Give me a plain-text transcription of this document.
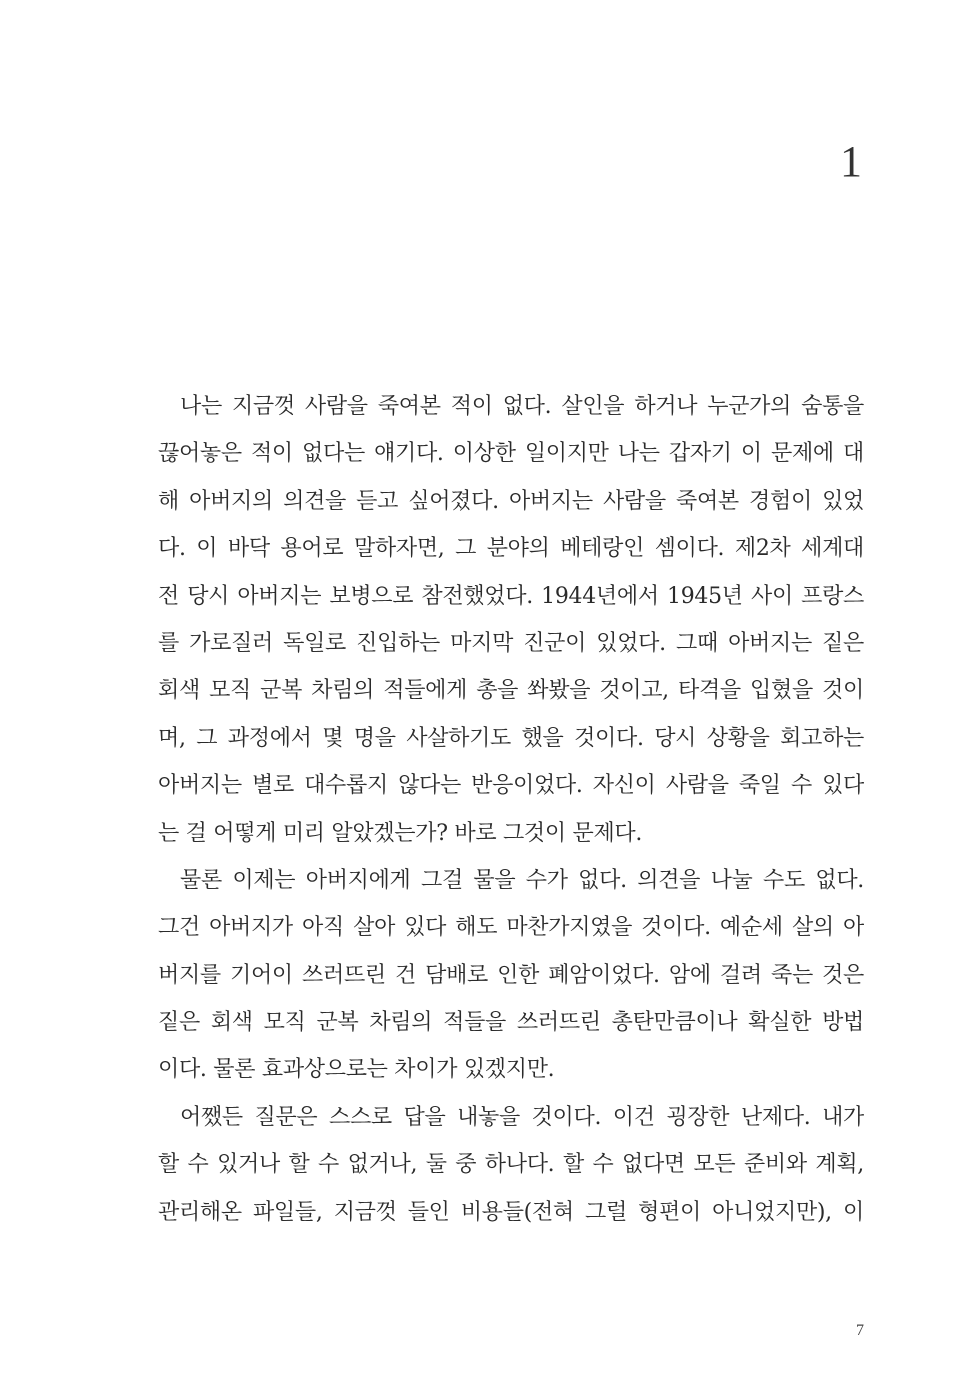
1
나는 지금껏 사람을 죽여본 적이 없다. 살인을 하거나 누군가의 숨통을
끊어놓은 적이 없다는 얘기다. 이상한 일이지만 나는 갑자기 이 문제에 대
해 아버지의 의견을 듣고 싶어졌다. 아버지는 사람을 죽여본 경험이 있었
다. 이 바닥 용어로 말하자면, 그 분야의 베테랑인 셈이다. 제2차 세계대
전 당시 아버지는 보병으로 참전했었다. 1944년에서 1945년 사이 프랑스
를 가로질러 독일로 진입하는 마지막 진군이 있었다. 그때 아버지는 짙은
회색 모직 군복 차림의 적들에게 총을 쏴봤을 것이고, 타격을 입혔을 것이
며, 그 과정에서 몇 명을 사살하기도 했을 것이다. 당시 상황을 회고하는
아버지는 별로 대수롭지 않다는 반응이었다. 자신이 사람을 죽일 수 있다
는 걸 어떻게 미리 알았겠는가? 바로 그것이 문제다.
물론 이제는 아버지에게 그걸 물을 수가 없다. 의견을 나눌 수도 없다.
그건 아버지가 아직 살아 있다 해도 마찬가지였을 것이다. 예순세 살의 아
버지를 기어이 쓰러뜨린 건 담배로 인한 폐암이었다. 암에 걸려 죽는 것은
짙은 회색 모직 군복 차림의 적들을 쓰러뜨린 총탄만큼이나 확실한 방법
이다. 물론 효과상으로는 차이가 있겠지만.
어쨌든 질문은 스스로 답을 내놓을 것이다. 이건 굉장한 난제다. 내가
할 수 있거나 할 수 없거나, 둘 중 하나다. 할 수 없다면 모든 준비와 계획,
관리해온 파일들, 지금껏 들인 비용들(전혀 그럴 형편이 아니었지만), 이
7
